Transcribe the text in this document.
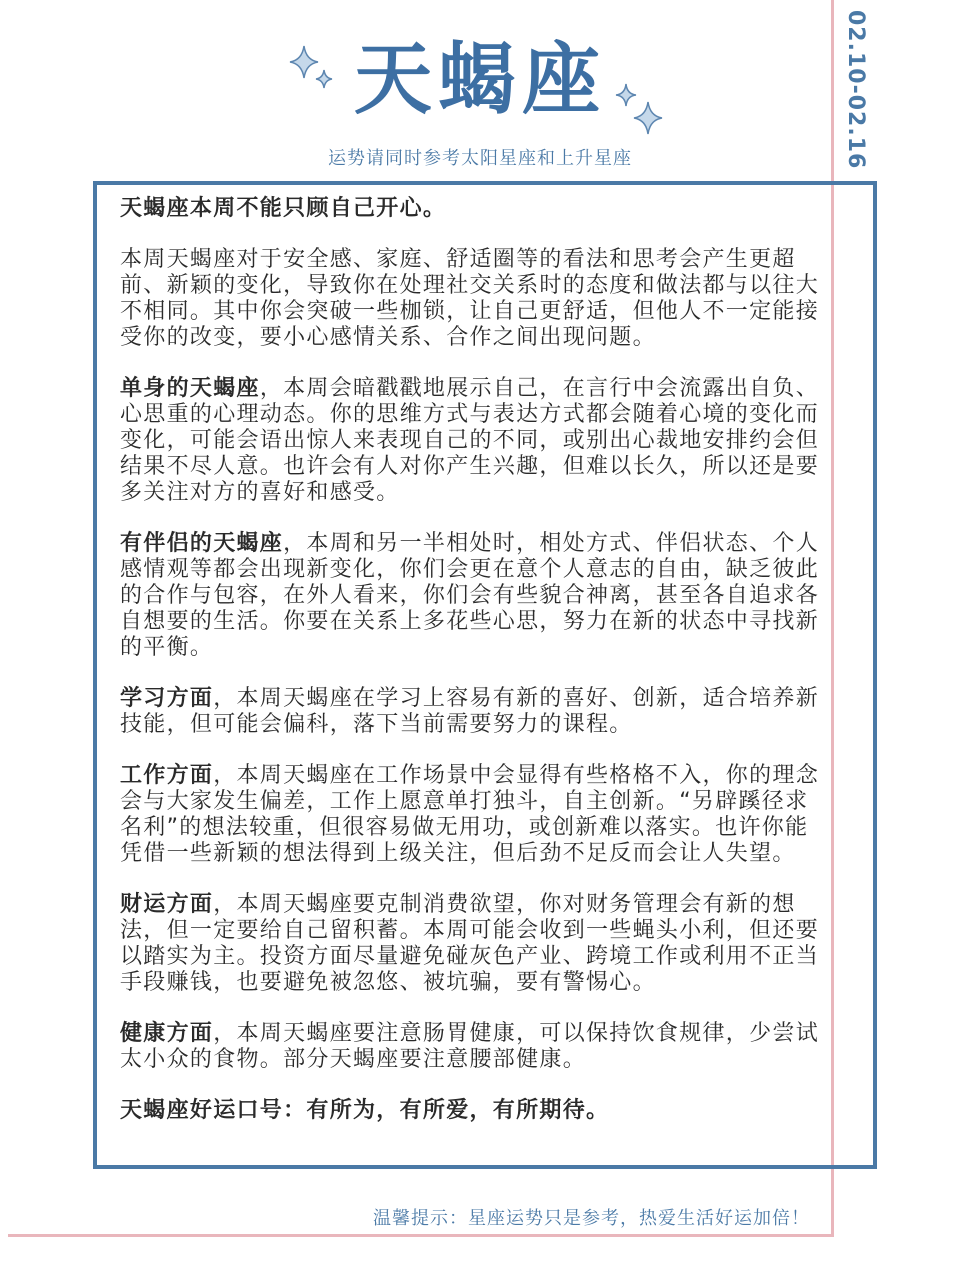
02.10-02.16
天蝎座
运势请同时参考太阳星座和上升星座

天蝎座本周不能只顾自己开心。

本周天蝎座对于安全感、家庭、舒适圈等的看法和思考会产生更超前、新颖的变化，导致你在处理社交关系时的态度和做法都与以往大不相同。其中你会突破一些枷锁，让自己更舒适，但他人不一定能接受你的改变，要小心感情关系、合作之间出现问题。

单身的天蝎座，本周会暗戳戳地展示自己，在言行中会流露出自负、心思重的心理动态。你的思维方式与表达方式都会随着心境的变化而变化，可能会语出惊人来表现自己的不同，或别出心裁地安排约会但结果不尽人意。也许会有人对你产生兴趣，但难以长久，所以还是要多关注对方的喜好和感受。

有伴侣的天蝎座，本周和另一半相处时，相处方式、伴侣状态、个人感情观等都会出现新变化，你们会更在意个人意志的自由，缺乏彼此的合作与包容，在外人看来，你们会有些貌合神离，甚至各自追求各自想要的生活。你要在关系上多花些心思，努力在新的状态中寻找新的平衡。

学习方面，本周天蝎座在学习上容易有新的喜好、创新，适合培养新技能，但可能会偏科，落下当前需要努力的课程。

工作方面，本周天蝎座在工作场景中会显得有些格格不入，你的理念会与大家发生偏差，工作上愿意单打独斗，自主创新。“另辟蹊径求名利”的想法较重，但很容易做无用功，或创新难以落实。也许你能凭借一些新颖的想法得到上级关注，但后劲不足反而会让人失望。

财运方面，本周天蝎座要克制消费欲望，你对财务管理会有新的想法，但一定要给自己留积蓄。本周可能会收到一些蝇头小利，但还要以踏实为主。投资方面尽量避免碰灰色产业、跨境工作或利用不正当手段赚钱，也要避免被忽悠、被坑骗，要有警惕心。

健康方面，本周天蝎座要注意肠胃健康，可以保持饮食规律，少尝试太小众的食物。部分天蝎座要注意腰部健康。

天蝎座好运口号：有所为，有所爱，有所期待。

温馨提示：星座运势只是参考，热爱生活好运加倍！
